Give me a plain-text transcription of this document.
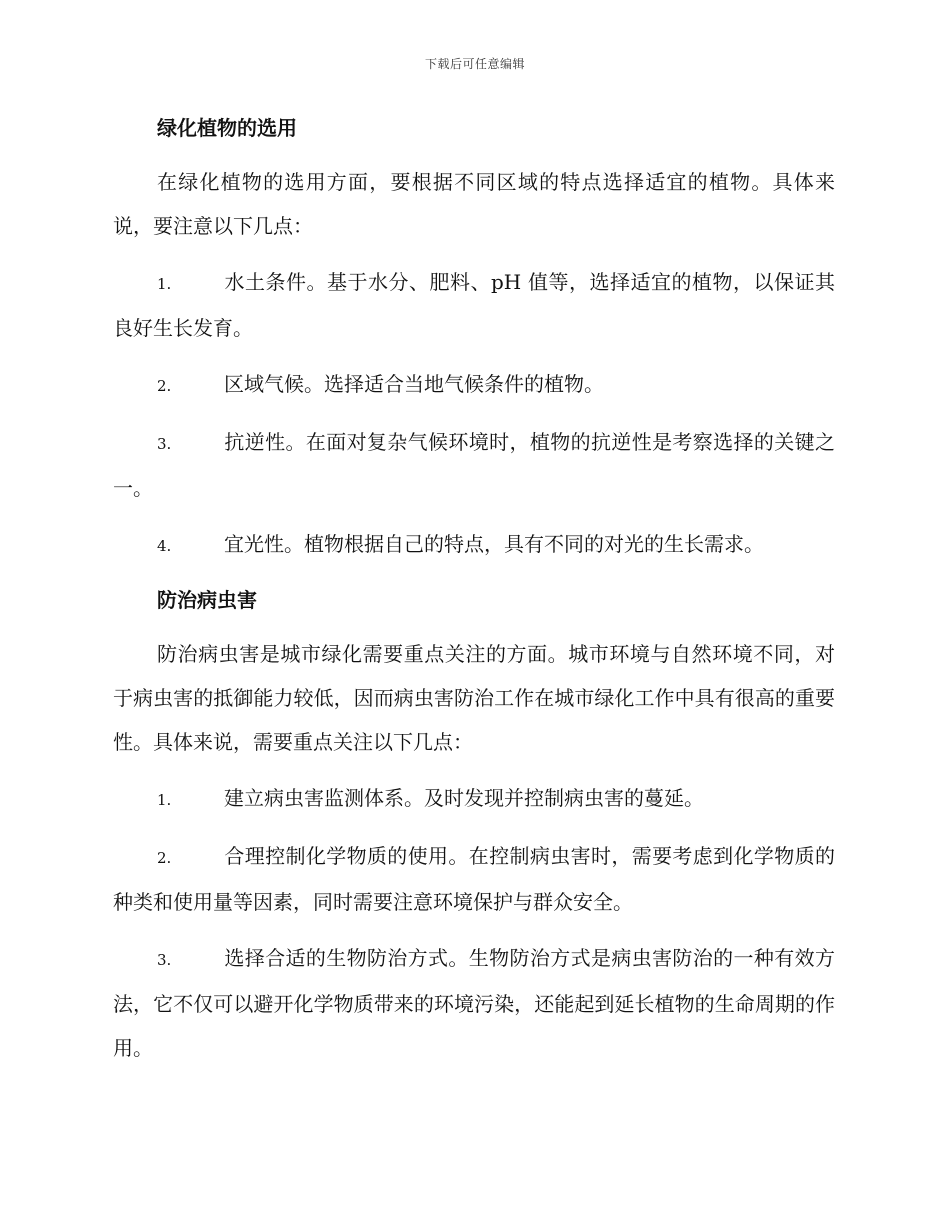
下载后可任意编辑
绿化植物的选用

在绿化植物的选用方面，要根据不同区域的特点选择适宜的植物。具体来说，要注意以下几点：

1.	水土条件。基于水分、肥料、pH 值等，选择适宜的植物，以保证其良好生长发育。
2.	区域气候。选择适合当地气候条件的植物。
3.	抗逆性。在面对复杂气候环境时，植物的抗逆性是考察选择的关键之一。
4.	宜光性。植物根据自己的特点，具有不同的对光的生长需求。
防治病虫害

防治病虫害是城市绿化需要重点关注的方面。城市环境与自然环境不同，对于病虫害的抵御能力较低，因而病虫害防治工作在城市绿化工作中具有很高的重要性。具体来说，需要重点关注以下几点：

1.	建立病虫害监测体系。及时发现并控制病虫害的蔓延。
2.	合理控制化学物质的使用。在控制病虫害时，需要考虑到化学物质的种类和使用量等因素，同时需要注意环境保护与群众安全。
3.	选择合适的生物防治方式。生物防治方式是病虫害防治的一种有效方法，它不仅可以避开化学物质带来的环境污染，还能起到延长植物的生命周期的作用。
